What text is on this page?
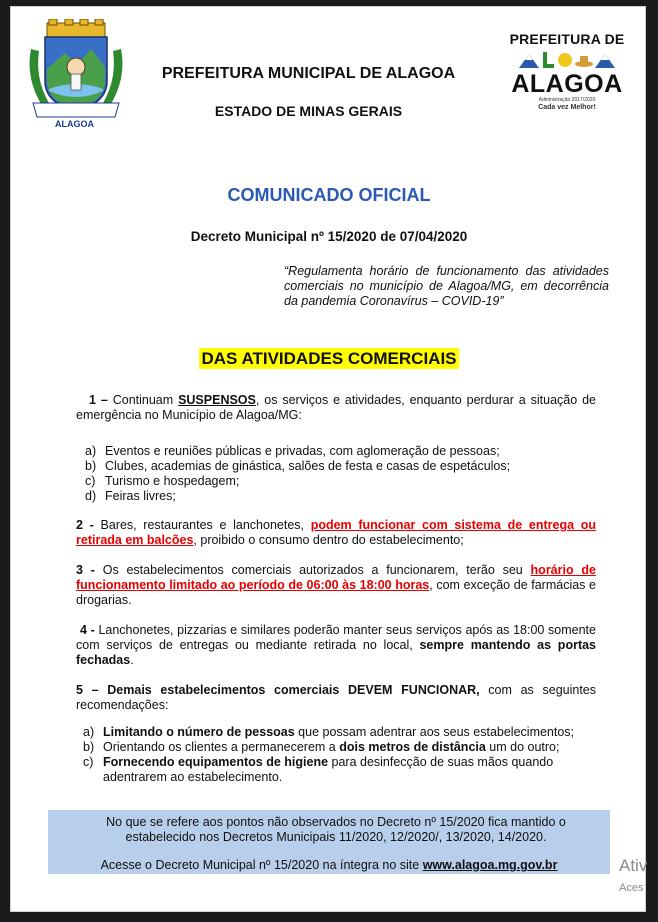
ALAGOA
PREFEITURA MUNICIPAL DE ALAGOA
ESTADO DE MINAS GERAIS
PREFEITURA DE
ALAGOA
Administração 2017/2020
Cada vez Melhor!
COMUNICADO OFICIAL
Decreto Municipal nº 15/2020 de 07/04/2020
“Regulamenta horário de funcionamento das atividades comerciais no município de Alagoa/MG, em decorrência da pandemia Coronavírus – COVID-19”
DAS ATIVIDADES COMERCIAIS
1 – Continuam SUSPENSOS, os serviços e atividades, enquanto perdurar a situação de emergência no Município de Alagoa/MG:
a) Eventos e reuniões públicas e privadas, com aglomeração de pessoas;
b) Clubes, academias de ginástica, salões de festa e casas de espetáculos;
c) Turismo e hospedagem;
d) Feiras livres;
2 - Bares, restaurantes e lanchonetes, podem funcionar com sistema de entrega ou retirada em balcões, proibido o consumo dentro do estabelecimento;
3 - Os estabelecimentos comerciais autorizados a funcionarem, terão seu horário de funcionamento limitado ao período de 06:00 às 18:00 horas, com exceção de farmácias e drogarias.
4 - Lanchonetes, pizzarias e similares poderão manter seus serviços após as 18:00 somente com serviços de entregas ou mediante retirada no local, sempre mantendo as portas fechadas.
5 – Demais estabelecimentos comerciais DEVEM FUNCIONAR, com as seguintes recomendações:
a) Limitando o número de pessoas que possam adentrar aos seus estabelecimentos;
b) Orientando os clientes a permanecerem a dois metros de distância um do outro;
c) Fornecendo equipamentos de higiene para desinfecção de suas mãos quando adentrarem ao estabelecimento.
No que se refere aos pontos não observados no Decreto nº 15/2020 fica mantido o estabelecido nos Decretos Municipais 11/2020, 12/2020/, 13/2020, 14/2020.
Acesse o Decreto Municipal nº 15/2020 na íntegra no site www.alagoa.mg.gov.br	Ativ
Aces
